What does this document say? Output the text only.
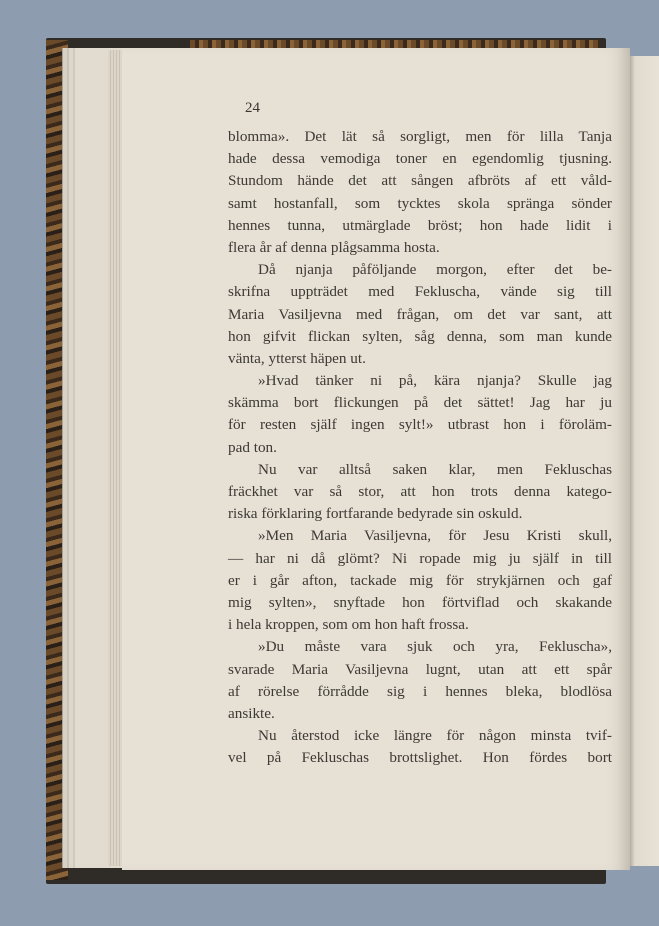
24
blomma». Det lät så sorgligt, men för lilla Tanja
hade dessa vemodiga toner en egendomlig tjusning.
Stundom hände det att sången afbröts af ett våld-
samt hostanfall, som tycktes skola spränga sönder
hennes tunna, utmärglade bröst; hon hade lidit i
flera år af denna plågsamma hosta.
Då njanja påföljande morgon, efter det be-
skrifna uppträdet med Fekluscha, vände sig till
Maria Vasiljevna med frågan, om det var sant, att
hon gifvit flickan sylten, såg denna, som man kunde
vänta, ytterst häpen ut.
»Hvad tänker ni på, kära njanja? Skulle jag
skämma bort flickungen på det sättet! Jag har ju
för resten själf ingen sylt!» utbrast hon i föroläm-
pad ton.
Nu var alltså saken klar, men Fekluschas
fräckhet var så stor, att hon trots denna katego-
riska förklaring fortfarande bedyrade sin oskuld.
»Men Maria Vasiljevna, för Jesu Kristi skull,
— har ni då glömt? Ni ropade mig ju själf in till
er i går afton, tackade mig för strykjärnen och gaf
mig sylten», snyftade hon förtviflad och skakande
i hela kroppen, som om hon haft frossa.
»Du måste vara sjuk och yra, Fekluscha»,
svarade Maria Vasiljevna lugnt, utan att ett spår
af rörelse förrådde sig i hennes bleka, blodlösa
ansikte.
Nu återstod icke längre för någon minsta tvif-
vel på Fekluschas brottslighet. Hon fördes bort
